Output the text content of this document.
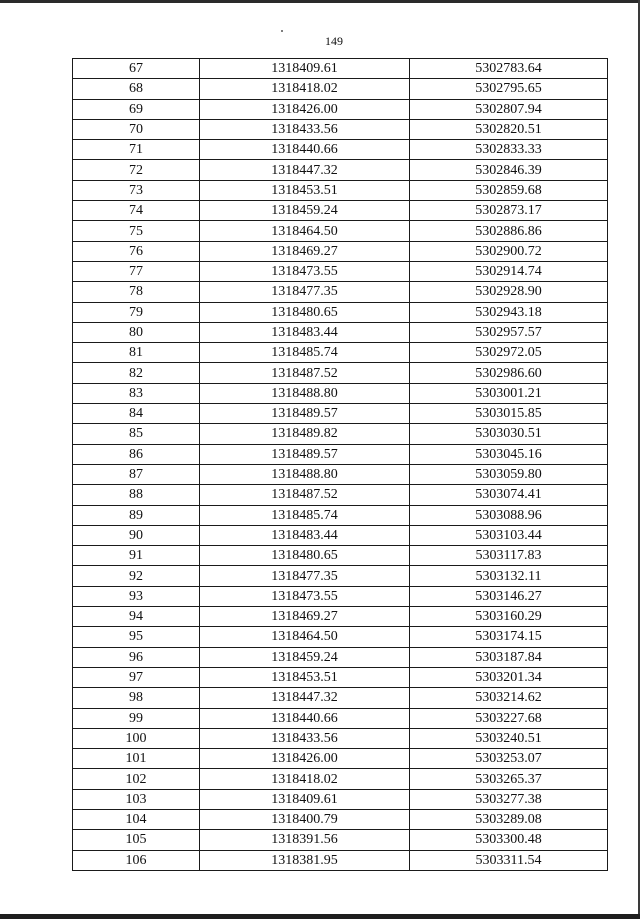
149
67	1318409.61	5302783.64
68	1318418.02	5302795.65
69	1318426.00	5302807.94
70	1318433.56	5302820.51
71	1318440.66	5302833.33
72	1318447.32	5302846.39
73	1318453.51	5302859.68
74	1318459.24	5302873.17
75	1318464.50	5302886.86
76	1318469.27	5302900.72
77	1318473.55	5302914.74
78	1318477.35	5302928.90
79	1318480.65	5302943.18
80	1318483.44	5302957.57
81	1318485.74	5302972.05
82	1318487.52	5302986.60
83	1318488.80	5303001.21
84	1318489.57	5303015.85
85	1318489.82	5303030.51
86	1318489.57	5303045.16
87	1318488.80	5303059.80
88	1318487.52	5303074.41
89	1318485.74	5303088.96
90	1318483.44	5303103.44
91	1318480.65	5303117.83
92	1318477.35	5303132.11
93	1318473.55	5303146.27
94	1318469.27	5303160.29
95	1318464.50	5303174.15
96	1318459.24	5303187.84
97	1318453.51	5303201.34
98	1318447.32	5303214.62
99	1318440.66	5303227.68
100	1318433.56	5303240.51
101	1318426.00	5303253.07
102	1318418.02	5303265.37
103	1318409.61	5303277.38
104	1318400.79	5303289.08
105	1318391.56	5303300.48
106	1318381.95	5303311.54
